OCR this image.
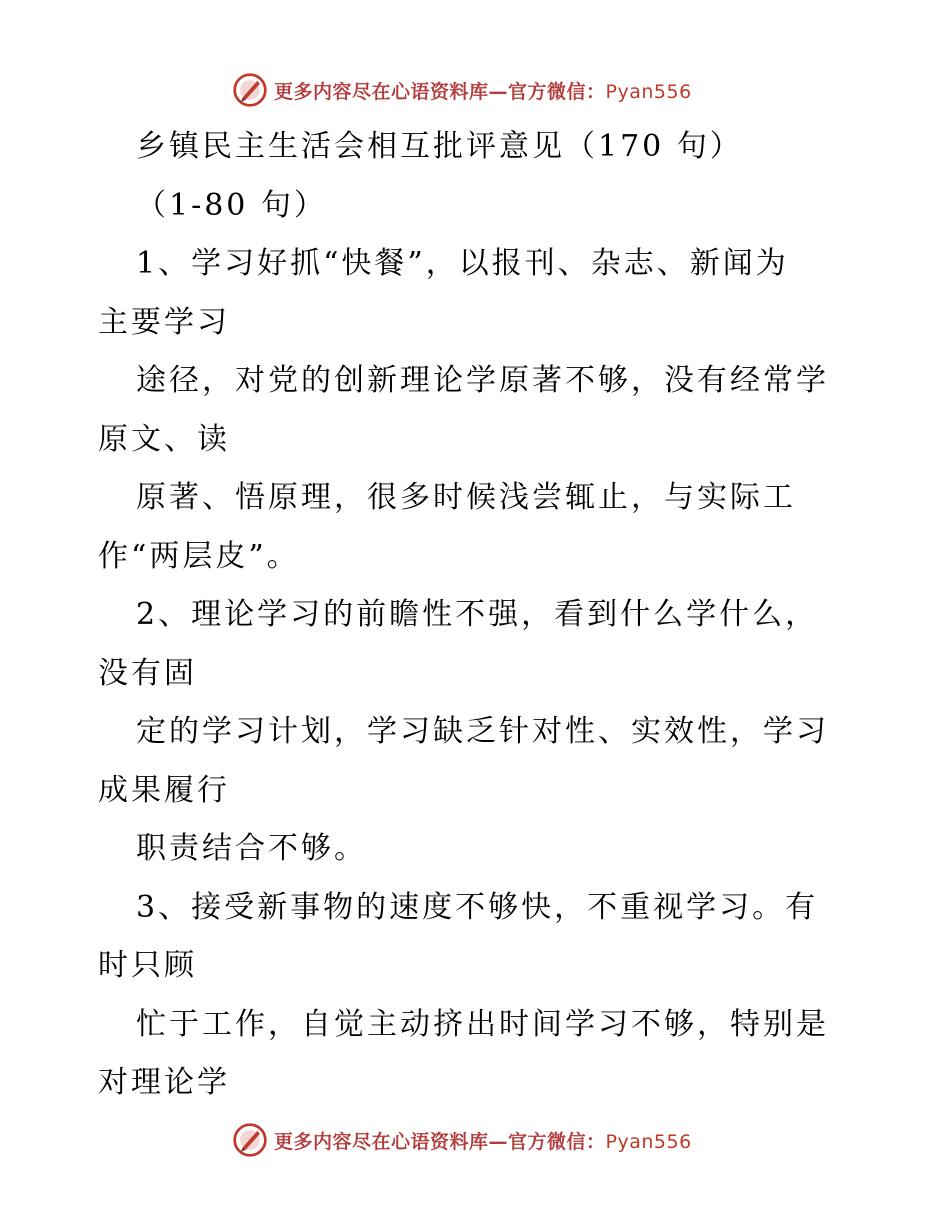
更多内容尽在心语资料库—官方微信：Pyan556
乡镇民主生活会相互批评意见（170 句）
（1-80 句）
1、学习好抓“快餐”，以报刊、杂志、新闻为
主要学习
途径，对党的创新理论学原著不够，没有经常学
原文、读
原著、悟原理，很多时候浅尝辄止，与实际工
作“两层皮”。
2、理论学习的前瞻性不强，看到什么学什么，
没有固
定的学习计划，学习缺乏针对性、实效性，学习
成果履行
职责结合不够。
3、接受新事物的速度不够快，不重视学习。有
时只顾
忙于工作，自觉主动挤出时间学习不够，特别是
对理论学
更多内容尽在心语资料库—官方微信：Pyan556
